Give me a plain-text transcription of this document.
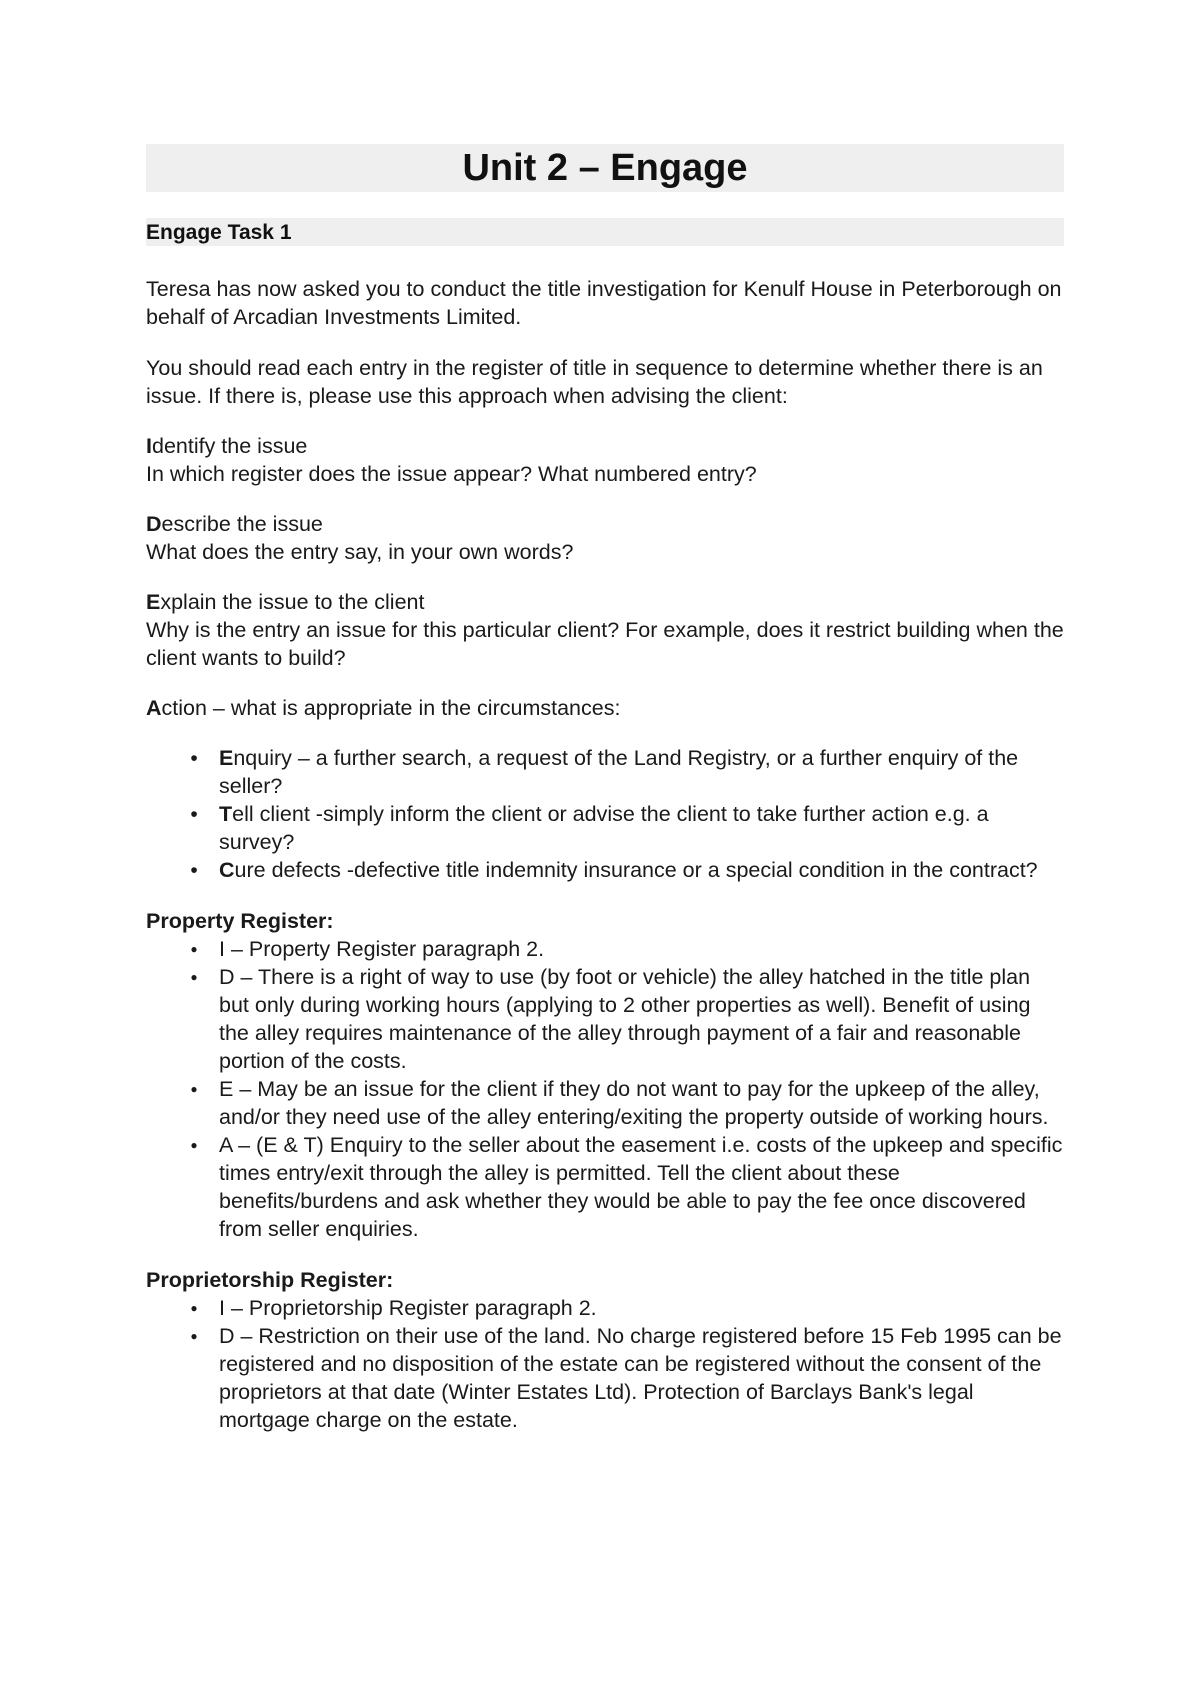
Unit 2 – Engage
Engage Task 1

Teresa has now asked you to conduct the title investigation for Kenulf House in Peterborough on behalf of Arcadian Investments Limited.

You should read each entry in the register of title in sequence to determine whether there is an issue. If there is, please use this approach when advising the client:

Identify the issue

In which register does the issue appear? What numbered entry?

Describe the issue

What does the entry say, in your own words?

Explain the issue to the client

Why is the entry an issue for this particular client? For example, does it restrict building when the client wants to build?

Action – what is appropriate in the circumstances:

•
Enquiry – a further search, a request of the Land Registry, or a further enquiry of the seller?
•
Tell client -simply inform the client or advise the client to take further action e.g. a survey?
•
Cure defects -defective title indemnity insurance or a special condition in the contract?
Property Register:
●
I – Property Register paragraph 2.
●
D – There is a right of way to use (by foot or vehicle) the alley hatched in the title plan but only during working hours (applying to 2 other properties as well). Benefit of using the alley requires maintenance of the alley through payment of a fair and reasonable portion of the costs.
●
E – May be an issue for the client if they do not want to pay for the upkeep of the alley, and/or they need use of the alley entering/exiting the property outside of working hours.
●
A – (E & T) Enquiry to the seller about the easement i.e. costs of the upkeep and specific times entry/exit through the alley is permitted. Tell the client about these benefits/burdens and ask whether they would be able to pay the fee once discovered from seller enquiries.
Proprietorship Register:
●
I – Proprietorship Register paragraph 2.
●
D – Restriction on their use of the land. No charge registered before 15 Feb 1995 can be registered and no disposition of the estate can be registered without the consent of the proprietors at that date (Winter Estates Ltd). Protection of Barclays Bank's legal mortgage charge on the estate.
